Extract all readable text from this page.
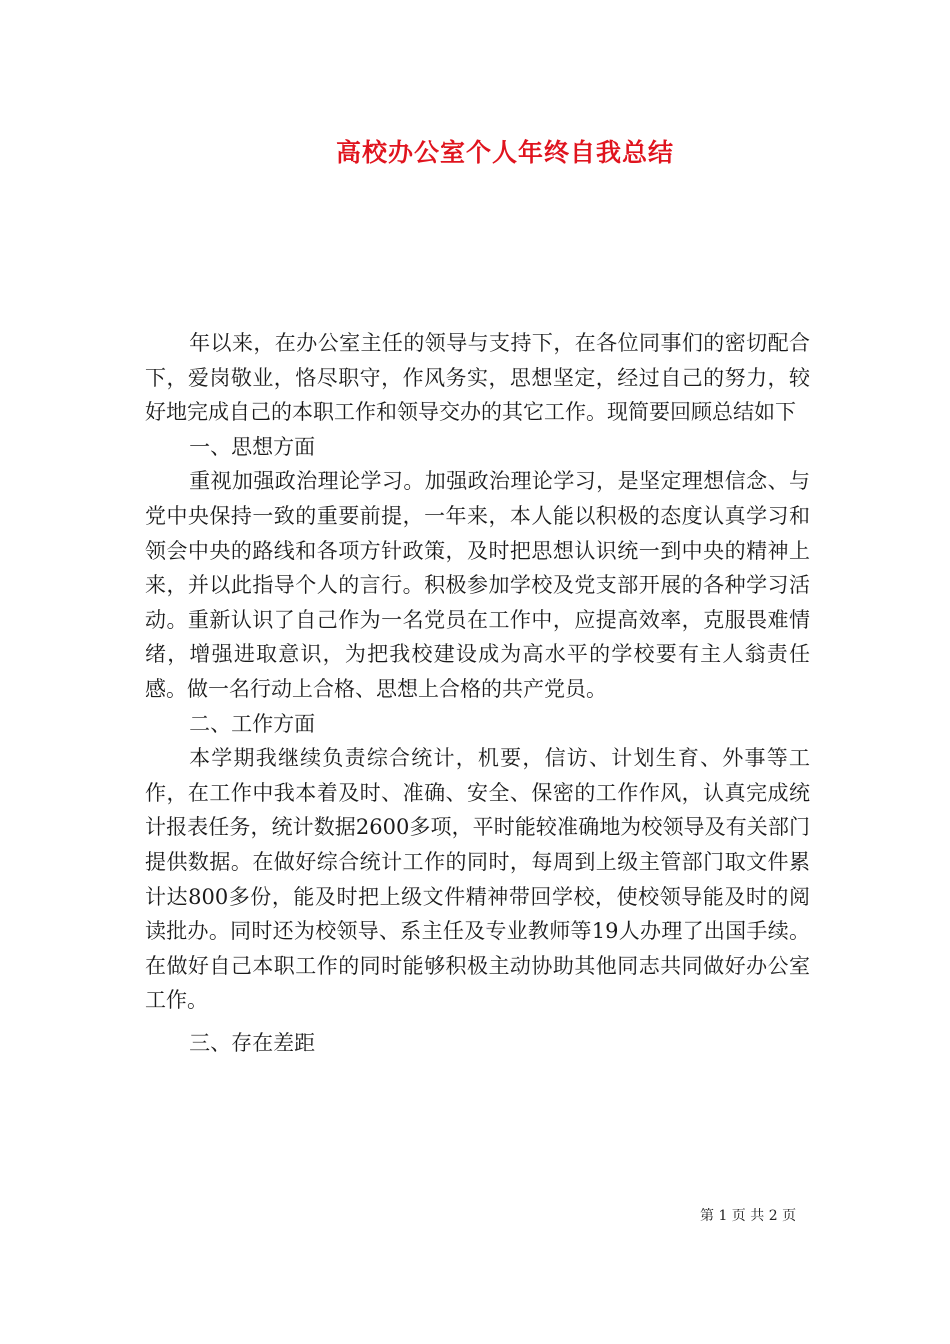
高校办公室个人年终自我总结

年以来，在办公室主任的领导与支持下，在各位同事们的密切配合下，爱岗敬业，恪尽职守，作风务实，思想坚定，经过自己的努力，较好地完成自己的本职工作和领导交办的其它工作。现简要回顾总结如下

一、思想方面

重视加强政治理论学习。加强政治理论学习，是坚定理想信念、与党中央保持一致的重要前提，一年来，本人能以积极的态度认真学习和领会中央的路线和各项方针政策，及时把思想认识统一到中央的精神上来，并以此指导个人的言行。积极参加学校及党支部开展的各种学习活动。重新认识了自己作为一名党员在工作中，应提高效率，克服畏难情绪，增强进取意识，为把我校建设成为高水平的学校要有主人翁责任感。做一名行动上合格、思想上合格的共产党员。

二、工作方面

本学期我继续负责综合统计，机要，信访、计划生育、外事等工作，在工作中我本着及时、准确、安全、保密的工作作风，认真完成统计报表任务，统计数据2600多项，平时能较准确地为校领导及有关部门提供数据。在做好综合统计工作的同时，每周到上级主管部门取文件累计达800多份，能及时把上级文件精神带回学校，使校领导能及时的阅读批办。同时还为校领导、系主任及专业教师等19人办理了出国手续。在做好自己本职工作的同时能够积极主动协助其他同志共同做好办公室工作。

三、存在差距

第 1 页 共 2 页
